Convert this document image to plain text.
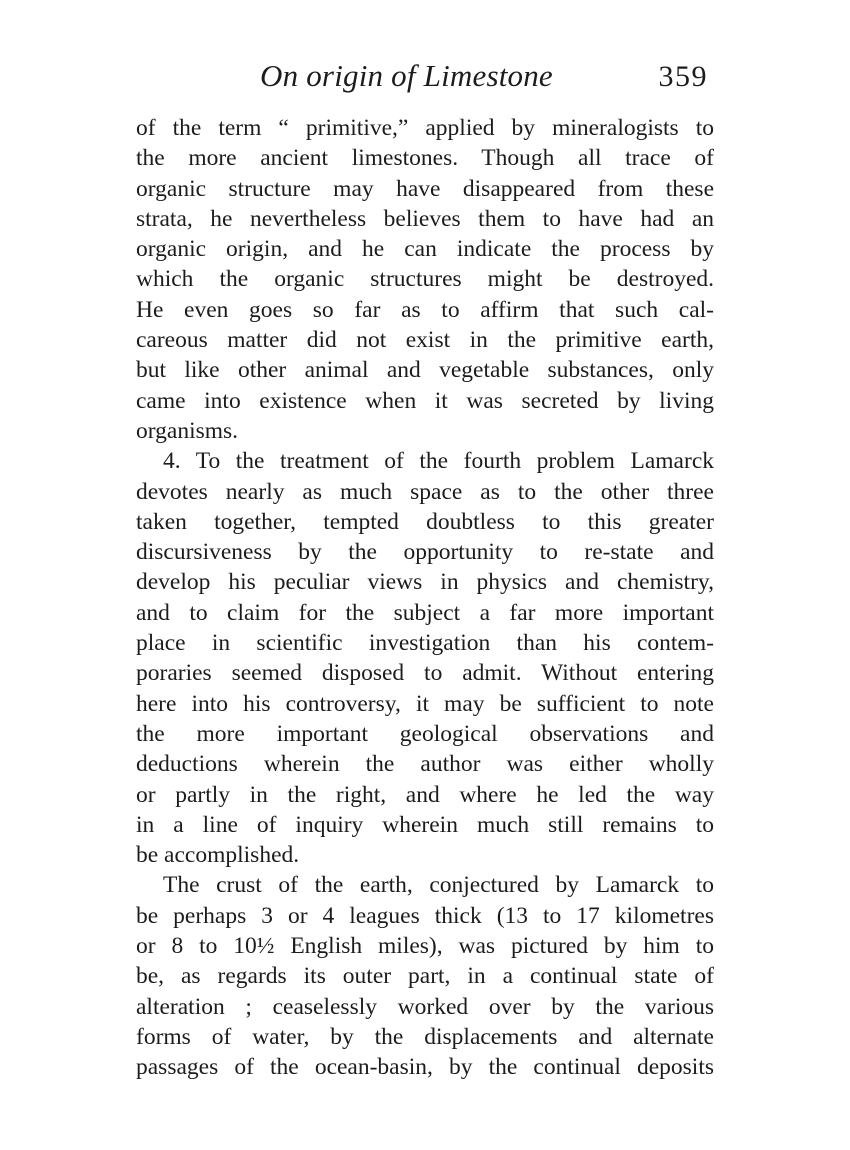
On origin of Limestone	359
of the term “ primitive,” applied by mineralogists to
the more ancient limestones. Though all trace of
organic structure may have disappeared from these
strata, he nevertheless believes them to have had an
organic origin, and he can indicate the process by
which the organic structures might be destroyed.
He even goes so far as to affirm that such cal-
careous matter did not exist in the primitive earth,
but like other animal and vegetable substances, only
came into existence when it was secreted by living
organisms.
4. To the treatment of the fourth problem Lamarck
devotes nearly as much space as to the other three
taken together, tempted doubtless to this greater
discursiveness by the opportunity to re-state and
develop his peculiar views in physics and chemistry,
and to claim for the subject a far more important
place in scientific investigation than his contem-
poraries seemed disposed to admit. Without entering
here into his controversy, it may be sufficient to note
the more important geological observations and
deductions wherein the author was either wholly
or partly in the right, and where he led the way
in a line of inquiry wherein much still remains to
be accomplished.
The crust of the earth, conjectured by Lamarck to
be perhaps 3 or 4 leagues thick (13 to 17 kilometres
or 8 to 10½ English miles), was pictured by him to
be, as regards its outer part, in a continual state of
alteration ; ceaselessly worked over by the various
forms of water, by the displacements and alternate
passages of the ocean-basin, by the continual deposits
